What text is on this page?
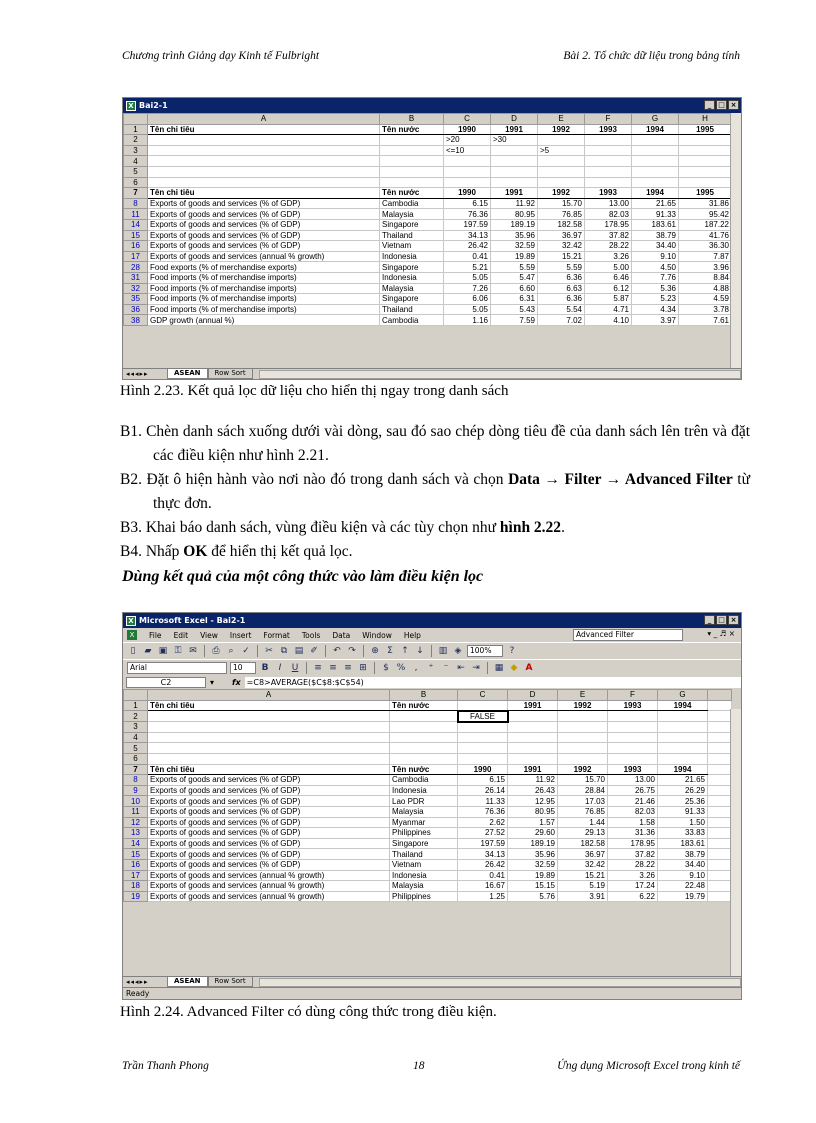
Chương trình Giảng dạy Kinh tế Fulbright	Bài 2. Tổ chức dữ liệu trong bảng tính
X Bai2-1	_ □ ×
	A	B	C	D	E	F	G	H
1	Tên chỉ tiêu	Tên nước	1990	1991	1992	1993	1994	1995
2			>20	>30				
3			<=10		>5			
4								
5								
6								
7	Tên chỉ tiêu	Tên nước	1990	1991	1992	1993	1994	1995
8	Exports of goods and services (% of GDP)	Cambodia	6.15	11.92	15.70	13.00	21.65	31.86
11	Exports of goods and services (% of GDP)	Malaysia	76.36	80.95	76.85	82.03	91.33	95.42
14	Exports of goods and services (% of GDP)	Singapore	197.59	189.19	182.58	178.95	183.61	187.22
15	Exports of goods and services (% of GDP)	Thailand	34.13	35.96	36.97	37.82	38.79	41.76
16	Exports of goods and services (% of GDP)	Vietnam	26.42	32.59	32.42	28.22	34.40	36.30
17	Exports of goods and services (annual % growth)	Indonesia	0.41	19.89	15.21	3.26	9.10	7.87
28	Food exports (% of merchandise exports)	Singapore	5.21	5.59	5.59	5.00	4.50	3.96
31	Food imports (% of merchandise imports)	Indonesia	5.05	5.47	6.36	6.46	7.76	8.84
32	Food imports (% of merchandise imports)	Malaysia	7.26	6.60	6.63	6.12	5.36	4.88
35	Food imports (% of merchandise imports)	Singapore	6.06	6.31	6.36	5.87	5.23	4.59
36	Food imports (% of merchandise imports)	Thailand	5.05	5.43	5.54	4.71	4.34	3.78
38	GDP growth (annual %)	Cambodia	1.16	7.59	7.02	4.10	3.97	7.61
◂◂◂▸▸	ASEAN	Row Sort
Hình 2.23. Kết quả lọc dữ liệu cho hiển thị ngay trong danh sách
B1. Chèn danh sách xuống dưới vài dòng, sau đó sao chép dòng tiêu đề của danh sách lên trên và đặt các điều kiện như hình 2.21.
B2. Đặt ô hiện hành vào nơi nào đó trong danh sách và chọn Data → Filter → Advanced Filter từ thực đơn.
B3. Khai báo danh sách, vùng điều kiện và các tùy chọn như hình 2.22.
B4. Nhấp OK để hiển thị kết quả lọc.
Dùng kết quả của một công thức vào làm điều kiện lọc
X Microsoft Excel - Bai2-1	_ □ ×
X	File Edit View Insert Format Tools Data Window Help	Advanced Filter	▾ _ ♬ ×
▯	▰ ▣ ⚿ ✉ ⎙ ⌕ ✓ ✂ ⧉ ▤ ✐ ↶ ↷ ⊕ Σ ↑ ↓ ▥ ◈	100%	?
Arial	10	B	I	U	≡ ≡ ≡ ⊞	$ %	,	⁺	⁻ ⇤ ⇥ ▦ ◆ A
C2	▾ fx =C8>AVERAGE($C$8:$C$54)
	A	B	C	D	E	F	G	
1	Tên chỉ tiêu	Tên nước		1991	1992	1993	1994	
2			FALSE					
3								
4								
5								
6								
7	Tên chỉ tiêu	Tên nước	1990	1991	1992	1993	1994	
8	Exports of goods and services (% of GDP)	Cambodia	6.15	11.92	15.70	13.00	21.65	
9	Exports of goods and services (% of GDP)	Indonesia	26.14	26.43	28.84	26.75	26.29	
10	Exports of goods and services (% of GDP)	Lao PDR	11.33	12.95	17.03	21.46	25.36	
11	Exports of goods and services (% of GDP)	Malaysia	76.36	80.95	76.85	82.03	91.33	
12	Exports of goods and services (% of GDP)	Myanmar	2.62	1.57	1.44	1.58	1.50	
13	Exports of goods and services (% of GDP)	Philippines	27.52	29.60	29.13	31.36	33.83	
14	Exports of goods and services (% of GDP)	Singapore	197.59	189.19	182.58	178.95	183.61	
15	Exports of goods and services (% of GDP)	Thailand	34.13	35.96	36.97	37.82	38.79	
16	Exports of goods and services (% of GDP)	Vietnam	26.42	32.59	32.42	28.22	34.40	
17	Exports of goods and services (annual % growth)	Indonesia	0.41	19.89	15.21	3.26	9.10	
18	Exports of goods and services (annual % growth)	Malaysia	16.67	15.15	5.19	17.24	22.48	
19	Exports of goods and services (annual % growth)	Philippines	1.25	5.76	3.91	6.22	19.79	
◂◂◂▸▸	ASEAN	Row Sort
Ready
Hình 2.24. Advanced Filter có dùng công thức trong điều kiện.
Trần Thanh Phong	18	Ứng dụng Microsoft Excel trong kinh tế
